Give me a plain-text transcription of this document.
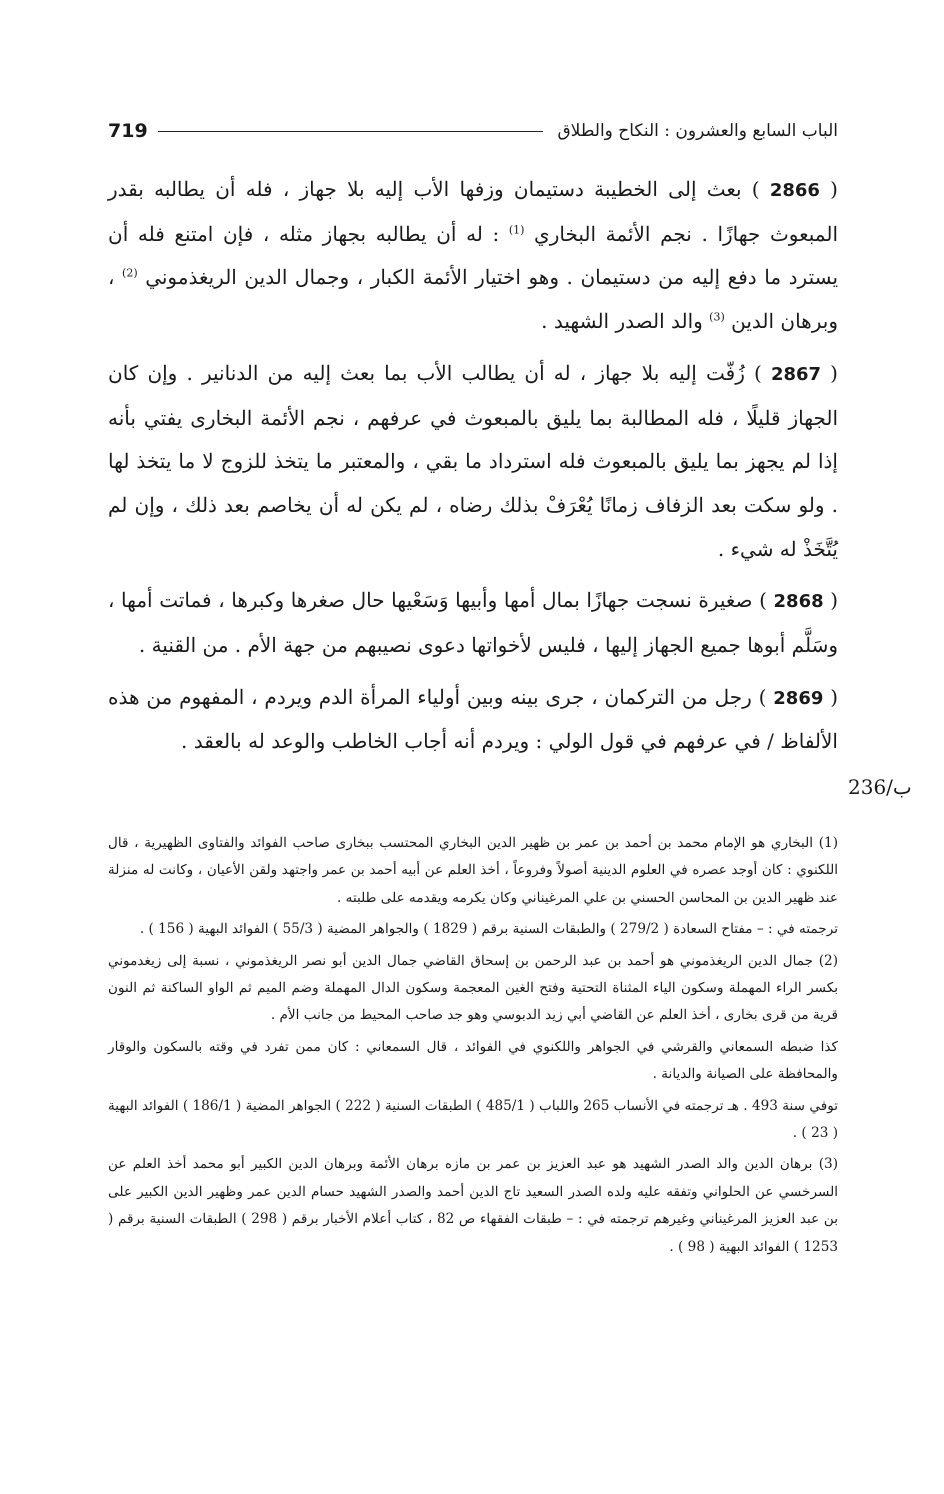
719	الباب السابع والعشرون : النكاح والطلاق

( 2866 ) بعث إلى الخطيبة دستيمان وزفها الأب إليه بلا جهاز ، فله أن يطالبه بقدر المبعوث جهازًا . نجم الأئمة البخاري $^{(1)}$ : له أن يطالبه بجهاز مثله ، فإن امتنع فله أن يسترد ما دفع إليه من دستيمان . وهو اختيار الأئمة الكبار ، وجمال الدين الريغذموني $^{(2)}$ ، وبرهان الدين $^{(3)}$ والد الصدر الشهيد .

( 2867 ) زُفّت إليه بلا جهاز ، له أن يطالب الأب بما بعث إليه من الدنانير . وإن كان الجهاز قليلًا ، فله المطالبة بما يليق بالمبعوث في عرفهم ، نجم الأئمة البخارى يفتي بأنه إذا لم يجهز بما يليق بالمبعوث فله استرداد ما بقي ، والمعتبر ما يتخذ للزوج لا ما يتخذ لها . ولو سكت بعد الزفاف زمانًا يُعْرَفْ بذلك رضاه ، لم يكن له أن يخاصم بعد ذلك ، وإن لم يُتَّخَذْ له شيء .

( 2868 ) صغيرة نسجت جهازًا بمال أمها وأبيها وَسَعْيها حال صغرها وكبرها ، فماتت أمها ، وسَلَّم أبوها جميع الجهاز إليها ، فليس لأخواتها دعوى نصيبهم من جهة الأم . من القنية .

( 2869 ) رجل من التركمان ، جرى بينه وبين أولياء المرأة الدم ويردم ، المفهوم من هذه الألفاظ / في عرفهم في قول الولي : ويردم أنه أجاب الخاطب والوعد له بالعقد .

236/ب

(1) البخاري هو الإمام محمد بن أحمد بن عمر بن ظهير الدين البخاري المحتسب ببخارى صاحب الفوائد والفتاوى الظهيرية ، قال اللكنوي : كان أوجد عصره في العلوم الدينية أصولاً وفروعاً ، أخذ العلم عن أبيه أحمد بن عمر واجتهد ولقن الأعيان ، وكانت له منزلة عند ظهير الدين بن المحاسن الحسني بن علي المرغيناني وكان يكرمه ويقدمه على طلبته .

ترجمته في : – مفتاح السعادة ( 279/2 ) والطبقات السنية برقم ( 1829 ) والجواهر المضية ( 55/3 ) الفوائد البهية ( 156 ) .

(2) جمال الدين الريغذموني هو أحمد بن عبد الرحمن بن إسحاق القاضي جمال الدين أبو نصر الريغذموني ، نسبة إلى زيغدموني بكسر الراء المهملة وسكون الياء المثناة التحتية وفتح الغين المعجمة وسكون الدال المهملة وضم الميم ثم الواو الساكنة ثم النون قرية من قرى بخارى ، أخذ العلم عن القاضي أبي زيد الدبوسي وهو جد صاحب المحيط من جانب الأم .

كذا ضبطه السمعاني والقرشي في الجواهر واللكنوي في الفوائد ، قال السمعاني : كان ممن تفرد في وقته بالسكون والوقار والمحافظة على الصيانة والديانة .

توفي سنة 493 . هـ ترجمته في الأنساب 265 واللباب ( 485/1 ) الطبقات السنية ( 222 ) الجواهر المضية ( 186/1 ) الفوائد البهية ( 23 ) .

(3) برهان الدين والد الصدر الشهيد هو عبد العزيز بن عمر بن مازه برهان الأئمة وبرهان الدين الكبير أبو محمد أخذ العلم عن السرخسي عن الحلواني وتفقه عليه ولده الصدر السعيد تاج الدين أحمد والصدر الشهيد حسام الدين عمر وظهير الدين الكبير على بن عبد العزيز المرغيناني وغيرهم ترجمته في : – طبقات الفقهاء ص 82 ، كتاب أعلام الأخبار برقم ( 298 ) الطبقات السنية برقم ( 1253 ) الفوائد البهية ( 98 ) .
